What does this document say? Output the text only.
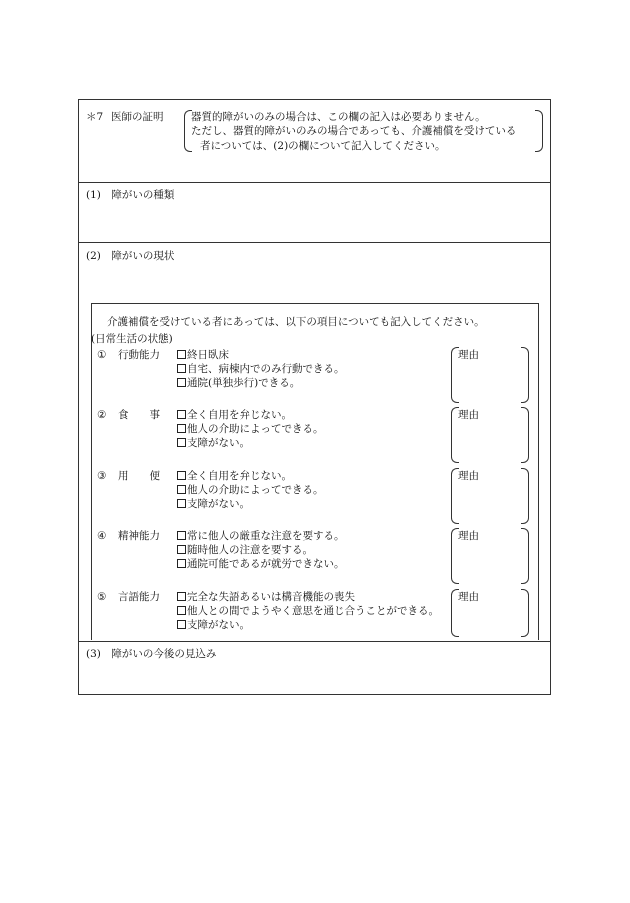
＊7 医師の証明	器質的障がいのみの場合は、この欄の記入は必要ありません。
ただし、器質的障がいのみの場合であっても、介護補償を受けている
者については、(2)の欄について記入してください。
(1)　障がいの種類
(2)　障がいの現状
介護補償を受けている者にあっては、以下の項目についても記入してください。
(日常生活の状態)
① 行動能力	終日臥床
自宅、病棟内でのみ行動できる。
通院(単独歩行)できる。
理由
② 食　　事	全く自用を弁じない。
他人の介助によってできる。
支障がない。
理由
③ 用　　便	全く自用を弁じない。
他人の介助によってできる。
支障がない。
理由
④ 精神能力	常に他人の厳重な注意を要する。
随時他人の注意を要する。
通院可能であるが就労できない。
理由
⑤ 言語能力	完全な失語あるいは構音機能の喪失
他人との間でようやく意思を通じ合うことができる。
支障がない。
理由
(3)　障がいの今後の見込み
